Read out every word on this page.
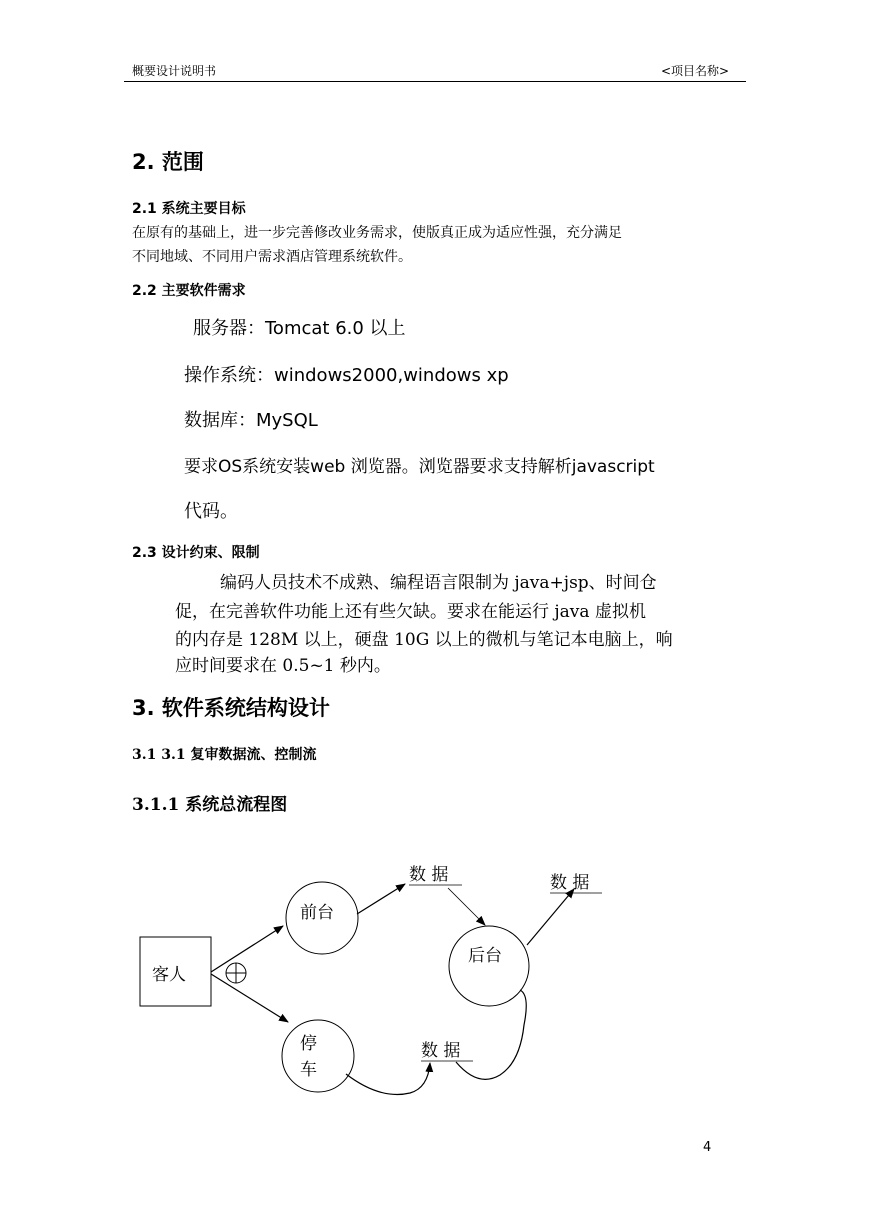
概要设计说明书	<项目名称>
2. 范围
2.1 系统主要目标
在原有的基础上，进一步完善修改业务需求，使版真正成为适应性强，充分满足
不同地域、不同用户需求酒店管理系统软件。
2.2 主要软件需求
服务器：Tomcat 6.0 以上
操作系统：windows2000,windows xp
数据库：MySQL
要求OS系统安装web 浏览器。浏览器要求支持解析javascript
代码。
2.3 设计约束、限制
编码人员技术不成熟、编程语言限制为 java+jsp、时间仓
促，在完善软件功能上还有些欠缺。要求在能运行 java 虚拟机
的内存是 128M 以上，硬盘 10G 以上的微机与笔记本电脑上，响
应时间要求在 0.5~1 秒内。
3. 软件系统结构设计
3.1 3.1 复审数据流、控制流
3.1.1 系统总流程图
客人
前台
后台
停
车
数 据	数 据
数 据
4
